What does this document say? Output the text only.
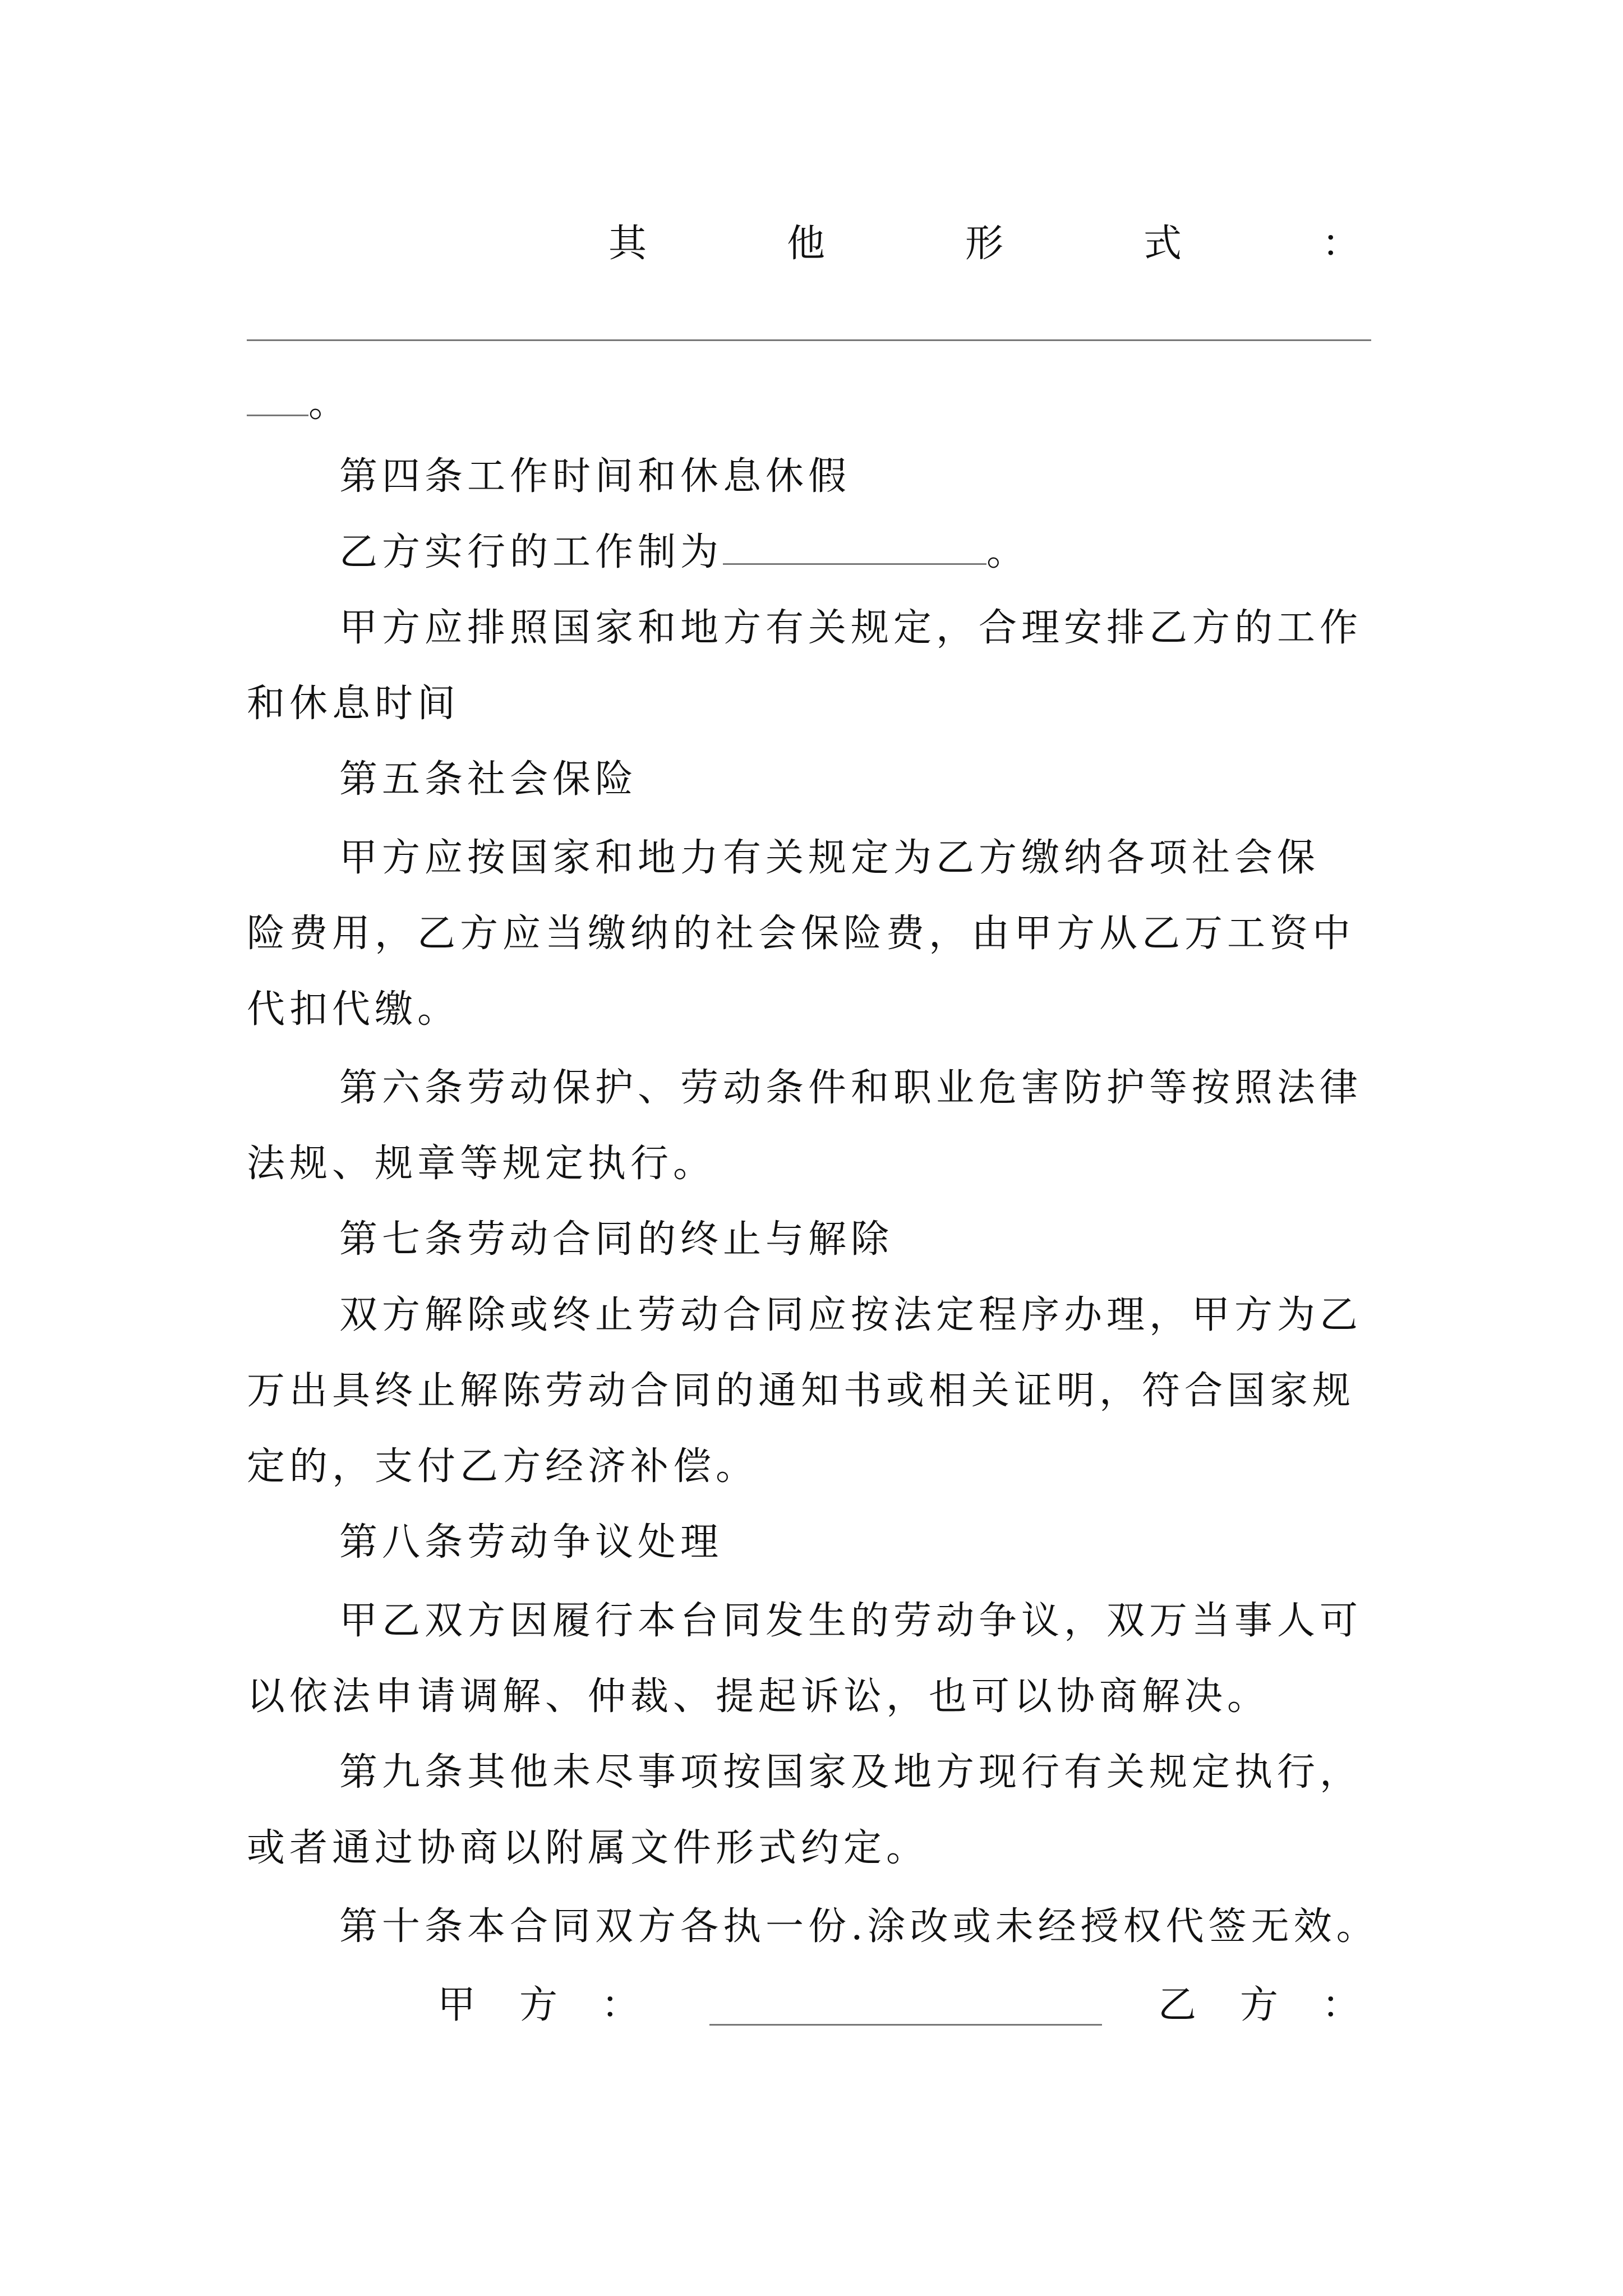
其	他	形	式	：
。
第四条工作时间和休息休假
乙方实行的工作制为	。
甲方应排照国家和地方有关规定，合理安排乙方的工作
和休息时间
第五条社会保险
甲方应按国家和地力有关规定为乙方缴纳各项社会保
险费用，乙方应当缴纳的社会保险费，由甲方从乙万工资中
代扣代缴。
第六条劳动保护、劳动条件和职业危害防护等按照法律
法规、规章等规定执行。
第七条劳动合同的终止与解除
双方解除或终止劳动合同应按法定程序办理，甲方为乙
万出具终止解陈劳动合同的通知书或相关证明，符合国家规
定的，支付乙方经济补偿。
第八条劳动争议处理
甲乙双方因履行本台同发生的劳动争议，双万当事人可
以依法申请调解、仲裁、提起诉讼，也可以协商解决。
第九条其他未尽事项按国家及地方现行有关规定执行，
或者通过协商以附属文件形式约定。
第十条本合同双方各执一份.涂改或未经授权代签无效。
甲 方 ：	乙 方 ：
